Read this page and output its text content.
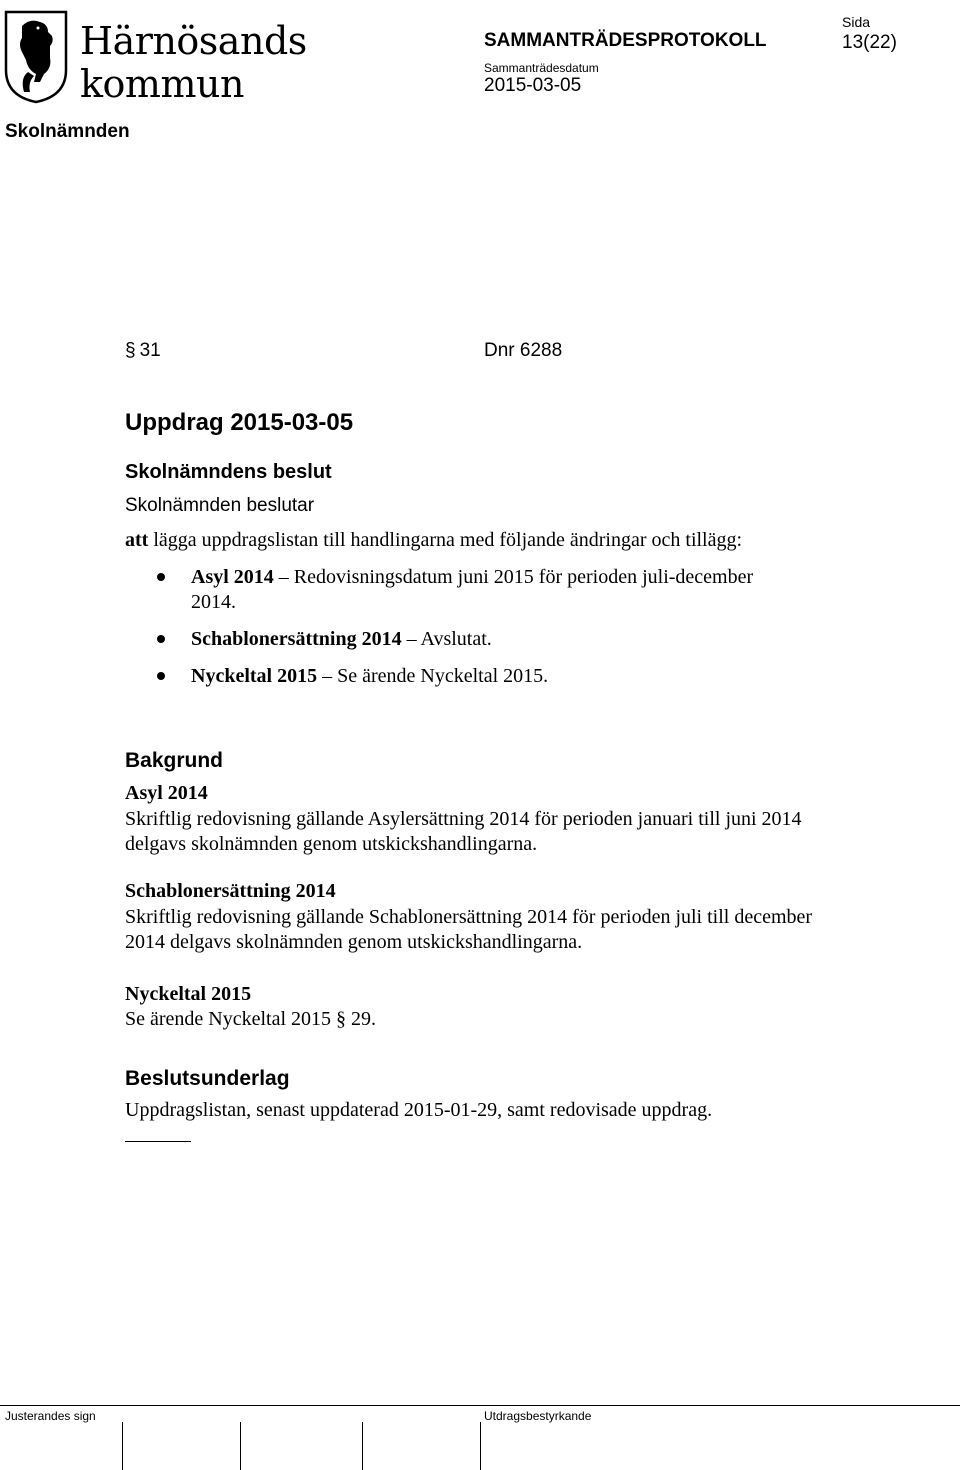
Härnösands
kommun
SAMMANTRÄDESPROTOKOLL
Sammanträdesdatum
2015-03-05
Sida
13(22)
Skolnämnden
§ 31	Dnr 6288
Uppdrag 2015-03-05
Skolnämndens beslut
Skolnämnden beslutar
att lägga uppdragslistan till handlingarna med följande ändringar och tillägg:
Asyl 2014 – Redovisningsdatum juni 2015 för perioden juli-december 2014.
Schablonersättning 2014 – Avslutat.
Nyckeltal 2015 – Se ärende Nyckeltal 2015.
Bakgrund
Asyl 2014
Skriftlig redovisning gällande Asylersättning 2014 för perioden januari till juni 2014 delgavs skolnämnden genom utskickshandlingarna.
Schablonersättning 2014
Skriftlig redovisning gällande Schablonersättning 2014 för perioden juli till december 2014 delgavs skolnämnden genom utskickshandlingarna.
Nyckeltal 2015
Se ärende Nyckeltal 2015 § 29.
Beslutsunderlag
Uppdragslistan, senast uppdaterad 2015-01-29, samt redovisade uppdrag.
Justerandes sign	Utdragsbestyrkande
